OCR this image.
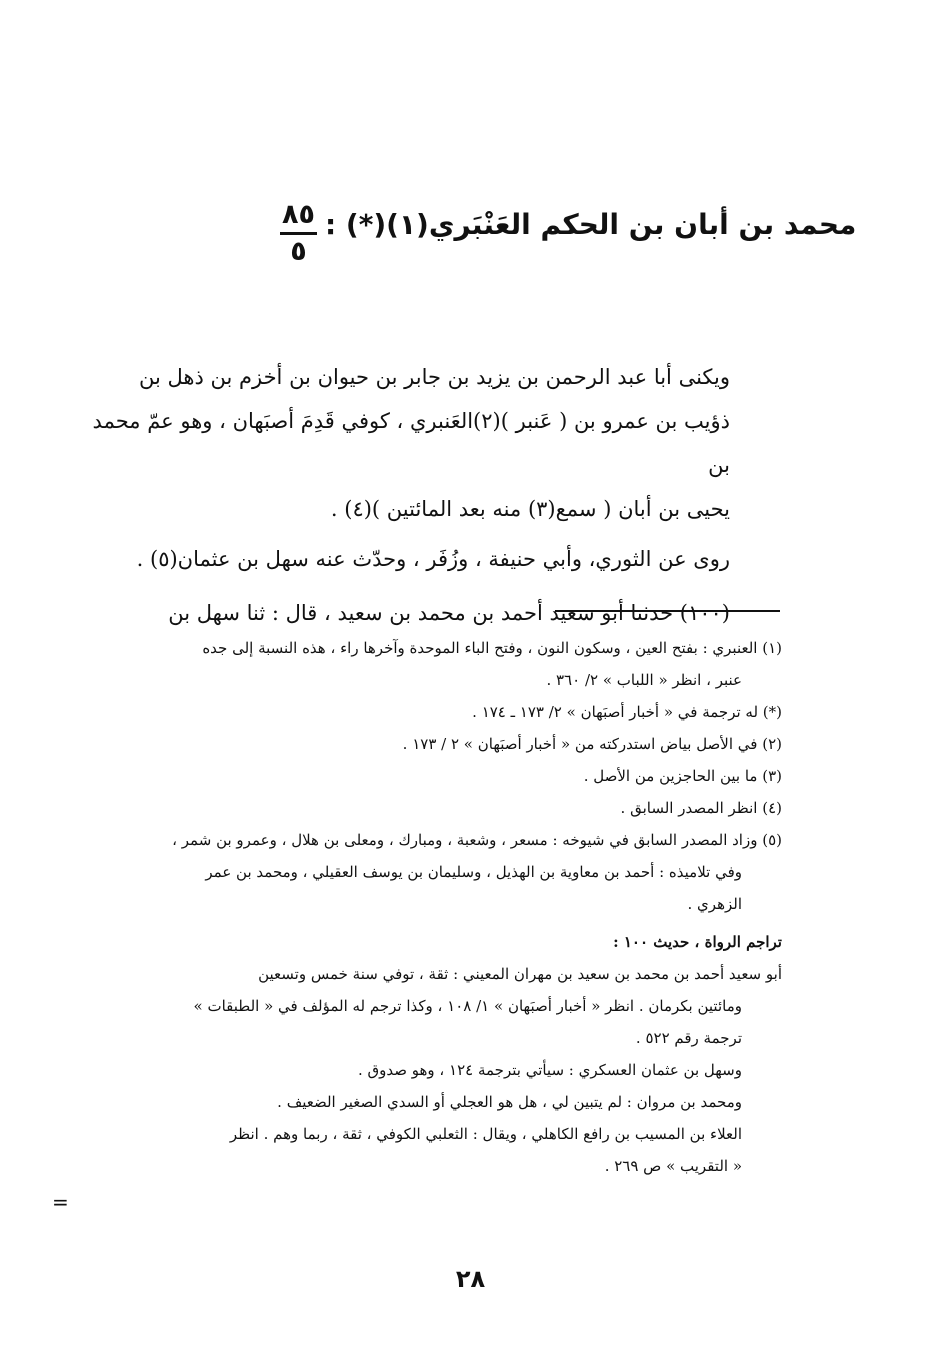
٨٥
٥
محمد بن أبان بن الحكم العَنْبَري(١)(*) :

ويكنى أبا عبد الرحمن بن يزيد بن جابر بن حيوان بن أخزم بن ذهل بن

ذؤيب بن عمرو بن ( عَنبر )(٢)العَنبري ، كوفي قَدِمَ أصبَهان ، وهو عمّ محمد بن

يحيى بن أبان ( سمع(٣) منه بعد المائتين )(٤) .

روى عن الثوري، وأبي حنيفة ، وزُفَر ، وحدّث عنه سهل بن عثمان(٥) .

(١٠٠) حدثنا أبو سعيد أحمد بن محمد بن سعيد ، قال : ثنا سهل بن

(١) العنبري : بفتح العين ، وسكون النون ، وفتح الباء الموحدة وآخرها راء ، هذه النسبة إلى جده

عنبر ، انظر « اللباب » ٢/ ٣٦٠ .

(*) له ترجمة في « أخبار أصبَهان » ٢/ ١٧٣ ـ ١٧٤ .

(٢) في الأصل بياض استدركته من « أخبار أصبَهان » ٢ / ١٧٣ .

(٣) ما بين الحاجزين من الأصل .

(٤) انظر المصدر السابق .

(٥) وزاد المصدر السابق في شيوخه : مسعر ، وشعبة ، ومبارك ، ومعلى بن هلال ، وعمرو بن شمر ،

وفي تلاميذه : أحمد بن معاوية بن الهذيل ، وسليمان بن يوسف العقيلي ، ومحمد بن عمر

الزهري .

تراجم الرواة ، حديث ١٠٠ :

أبو سعيد أحمد بن محمد بن سعيد بن مهران المعيني : ثقة ، توفي سنة خمس وتسعين

ومائتين بكرمان . انظر « أخبار أصبَهان » ١/ ١٠٨ ، وكذا ترجم له المؤلف في « الطبقات »

ترجمة رقم ٥٢٢ .

وسهل بن عثمان العسكري : سيأتي بترجمة ١٢٤ ، وهو صدوق .

ومحمد بن مروان : لم يتبين لي ، هل هو العجلي أو السدي الصغير الضعيف .

العلاء بن المسيب بن رافع الكاهلي ، ويقال : الثعلبي الكوفي ، ثقة ، ربما وهم . انظر

« التقريب » ص ٢٦٩ .

=
٢٨
